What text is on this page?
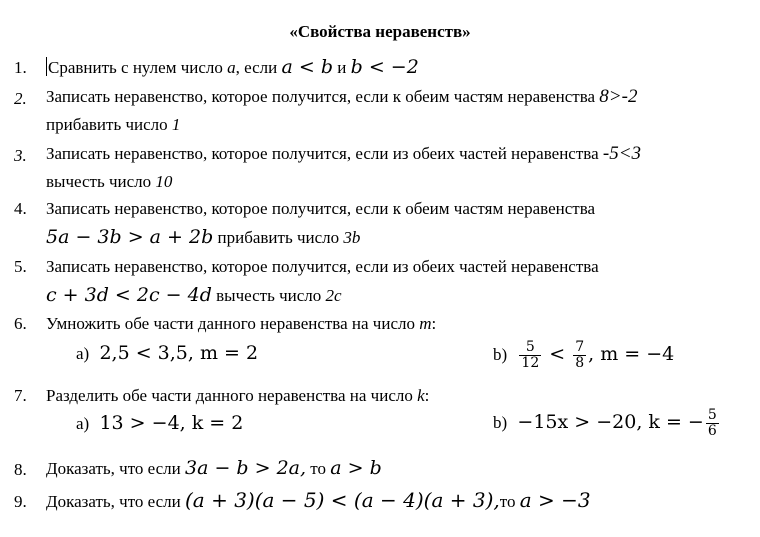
«Свойства неравенств»
1. Сравнить с нулем число a, если a < b и b < −2
2. Записать неравенство, которое получится, если к обеим частям неравенства 8>-2
прибавить число 1
3. Записать неравенство, которое получится, если из обеих частей неравенства -5<3
вычесть число 10
4. Записать неравенство, которое получится, если к обеим частям неравенства
5a − 3b > a + 2b прибавить число 3b
5. Записать неравенство, которое получится, если из обеих частей неравенства
c + 3d < 2c − 4d вычесть число 2c
6. Умножить обе части данного неравенства на число m:
a) 2,5 < 3,5, m = 2	$b) \frac{5}{12} < \frac{7}{8}$ , m = −4
7. Разделить обе части данного неравенства на число k:
a) 13 > −4, k = 2	b) −15x > −20, k = − $\frac{5}{6}$
8. Доказать, что если 3a − b > 2a, то a > b
9. Доказать, что если (a + 3)(a − 5) < (a − 4)(a + 3),то a > −3
